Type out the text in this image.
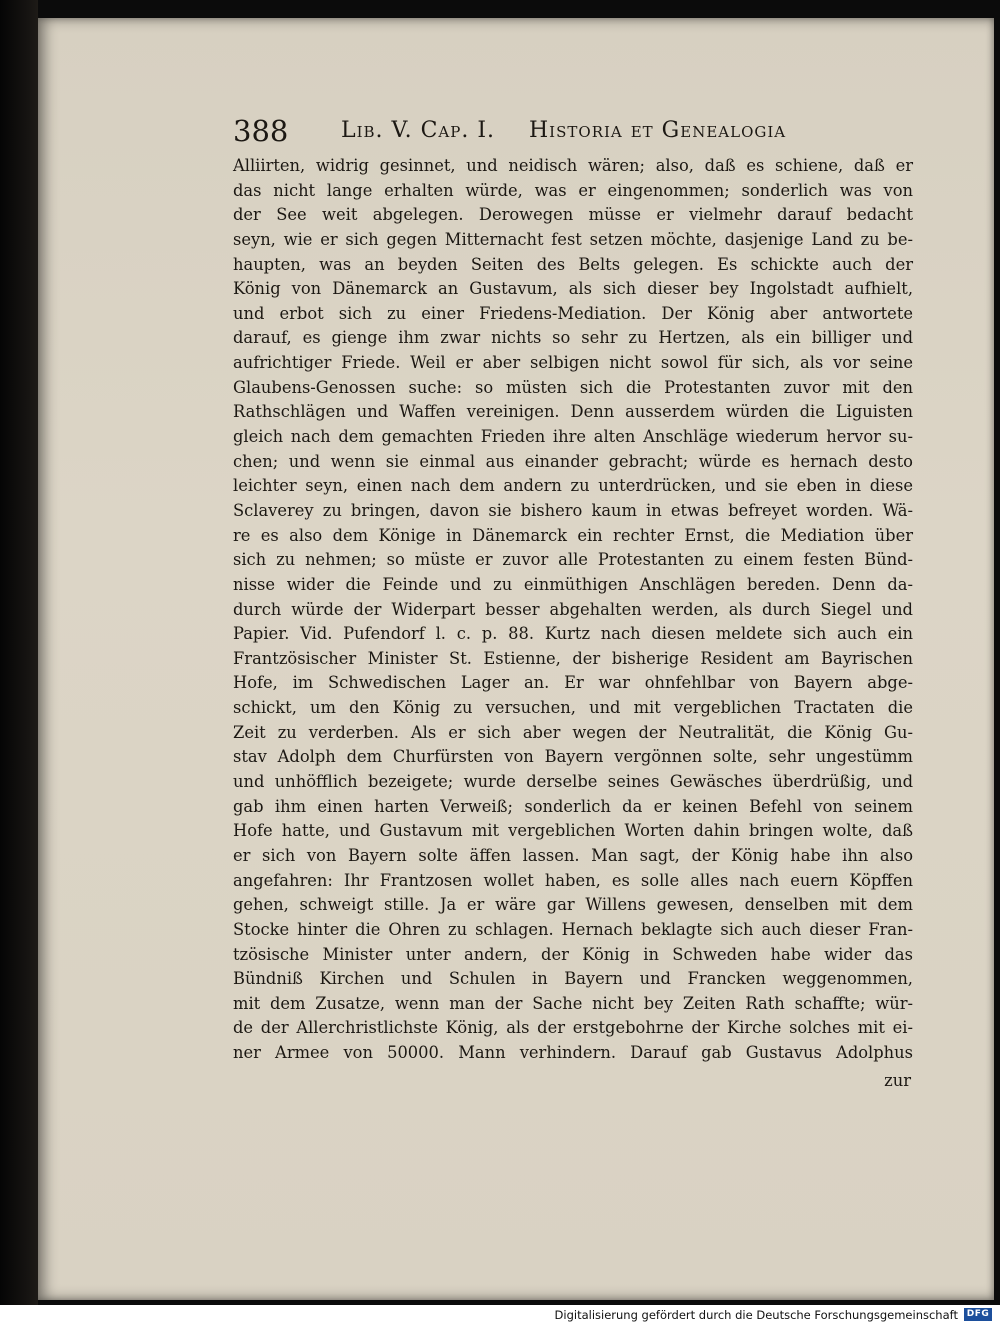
388 Lib. V. Cap. I. Historia et Genealogia
Alliirten, widrig gesinnet, und neidisch wären; also, daß es schiene, daß er
das nicht lange erhalten würde, was er eingenommen; sonderlich was von
der See weit abgelegen. Derowegen müsse er vielmehr darauf bedacht
seyn, wie er sich gegen Mitternacht fest setzen möchte, dasjenige Land zu be-
haupten, was an beyden Seiten des Belts gelegen. Es schickte auch der
König von Dänemarck an Gustavum, als sich dieser bey Ingolstadt aufhielt,
und erbot sich zu einer Friedens-Mediation. Der König aber antwortete
darauf, es gienge ihm zwar nichts so sehr zu Hertzen, als ein billiger und
aufrichtiger Friede. Weil er aber selbigen nicht sowol für sich, als vor seine
Glaubens-Genossen suche: so müsten sich die Protestanten zuvor mit den
Rathschlägen und Waffen vereinigen. Denn ausserdem würden die Liguisten
gleich nach dem gemachten Frieden ihre alten Anschläge wiederum hervor su-
chen; und wenn sie einmal aus einander gebracht; würde es hernach desto
leichter seyn, einen nach dem andern zu unterdrücken, und sie eben in diese
Sclaverey zu bringen, davon sie bishero kaum in etwas befreyet worden. Wä-
re es also dem Könige in Dänemarck ein rechter Ernst, die Mediation über
sich zu nehmen; so müste er zuvor alle Protestanten zu einem festen Bünd-
nisse wider die Feinde und zu einmüthigen Anschlägen bereden. Denn da-
durch würde der Widerpart besser abgehalten werden, als durch Siegel und
Papier. Vid. Pufendorf l. c. p. 88. Kurtz nach diesen meldete sich auch ein
Frantzösischer Minister St. Estienne, der bisherige Resident am Bayrischen
Hofe, im Schwedischen Lager an. Er war ohnfehlbar von Bayern abge-
schickt, um den König zu versuchen, und mit vergeblichen Tractaten die
Zeit zu verderben. Als er sich aber wegen der Neutralität, die König Gu-
stav Adolph dem Churfürsten von Bayern vergönnen solte, sehr ungestümm
und unhöfflich bezeigete; wurde derselbe seines Gewäsches überdrüßig, und
gab ihm einen harten Verweiß; sonderlich da er keinen Befehl von seinem
Hofe hatte, und Gustavum mit vergeblichen Worten dahin bringen wolte, daß
er sich von Bayern solte äffen lassen. Man sagt, der König habe ihn also
angefahren: Ihr Frantzosen wollet haben, es solle alles nach euern Köpffen
gehen, schweigt stille. Ja er wäre gar Willens gewesen, denselben mit dem
Stocke hinter die Ohren zu schlagen. Hernach beklagte sich auch dieser Fran-
tzösische Minister unter andern, der König in Schweden habe wider das
Bündniß Kirchen und Schulen in Bayern und Francken weggenommen,
mit dem Zusatze, wenn man der Sache nicht bey Zeiten Rath schaffte; wür-
de der Allerchristlichste König, als der erstgebohrne der Kirche solches mit ei-
ner Armee von 50000. Mann verhindern. Darauf gab Gustavus Adolphus
zur
Digitalisierung gefördert durch die Deutsche Forschungsgemeinschaft DFG
